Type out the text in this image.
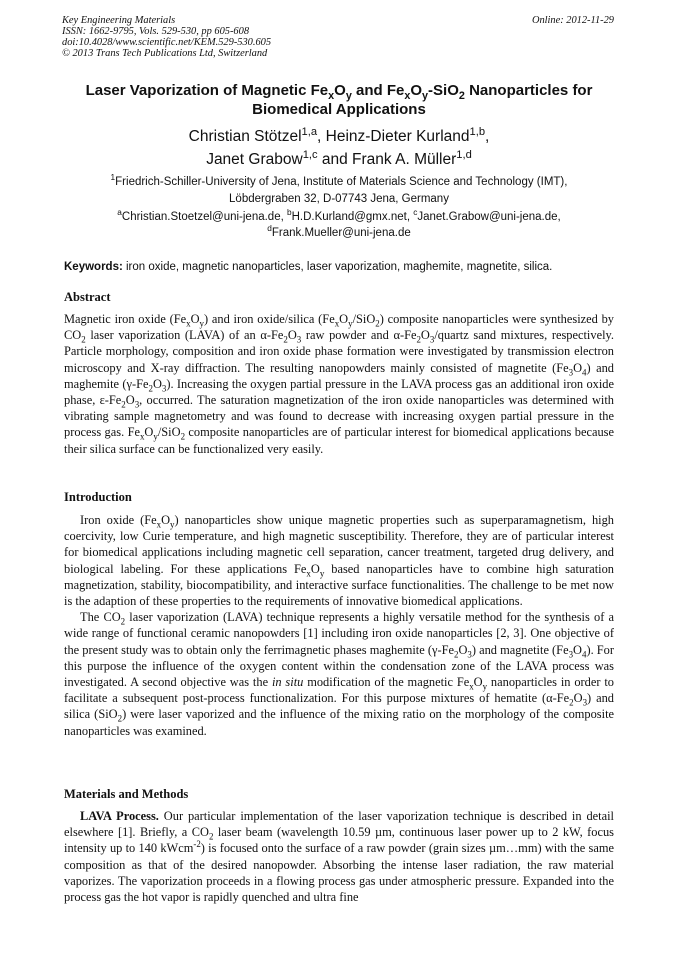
Key Engineering Materials
ISSN: 1662-9795, Vols. 529-530, pp 605-608
doi:10.4028/www.scientific.net/KEM.529-530.605
© 2013 Trans Tech Publications Ltd, Switzerland
Online: 2012-11-29
Laser Vaporization of Magnetic $Fe_xO_y$ and $Fe_xO_y-SiO_2$ Nanoparticles for
Biomedical Applications
Christian Stötzel$^{1,a}$, Heinz-Dieter Kurland$^{1,b}$,
Janet Grabow$^{1,c}$ and Frank A. Müller$^{1,d}$
$^1$Friedrich-Schiller-University of Jena, Institute of Materials Science and Technology (IMT),
Löbdergraben 32, D-07743 Jena, Germany
$^a$Christian.Stoetzel@uni-jena.de, $^b$H.D.Kurland@gmx.net, $^c$Janet.Grabow@uni-jena.de,
$^d$Frank.Mueller@uni-jena.de
Keywords: iron oxide, magnetic nanoparticles, laser vaporization, maghemite, magnetite, silica.
Abstract

Magnetic iron oxide $(Fe_xO_y)$ and iron oxide/silica $(Fe_xO_y/SiO_2)$ composite nanoparticles were synthesized by $CO_2$ laser vaporization (LAVA) of an $\alpha-Fe_2O_3$ raw powder and $\alpha-Fe_2O_3$/quartz sand mixtures, respectively. Particle morphology, composition and iron oxide phase formation were investigated by transmission electron microscopy and X-ray diffraction. The resulting nanopowders mainly consisted of magnetite $(Fe_3O_4)$ and maghemite $(\gamma-Fe_2O_3)$. Increasing the oxygen partial pressure in the LAVA process gas an additional iron oxide phase, $\varepsilon-Fe_2O_3$, occurred. The saturation magnetization of the iron oxide nanoparticles was determined with vibrating sample magnetometry and was found to decrease with increasing oxygen partial pressure in the process gas. $Fe_xO_y/SiO_2$ composite nanoparticles are of particular interest for biomedical applications because their silica surface can be functionalized very easily.

Introduction

Iron oxide $(Fe_xO_y)$ nanoparticles show unique magnetic properties such as superparamagnetism, high coercivity, low Curie temperature, and high magnetic susceptibility. Therefore, they are of particular interest for biomedical applications including magnetic cell separation, cancer treatment, targeted drug delivery, and biological labeling. For these applications $Fe_xO_y$ based nanoparticles have to combine high saturation magnetization, stability, biocompatibility, and interactive surface functionalities. The challenge to be met now is the adaption of these properties to the requirements of innovative biomedical applications.

The $CO_2$ laser vaporization (LAVA) technique represents a highly versatile method for the synthesis of a wide range of functional ceramic nanopowders [1] including iron oxide nanoparticles [2, 3]. One objective of the present study was to obtain only the ferrimagnetic phases maghemite $(\gamma-Fe_2O_3)$ and magnetite $(Fe_3O_4)$. For this purpose the influence of the oxygen content within the condensation zone of the LAVA process was investigated. A second objective was the in situ modification of the magnetic $Fe_xO_y$ nanoparticles in order to facilitate a subsequent post-process functionalization. For this purpose mixtures of hematite $(\alpha-Fe_2O_3)$ and silica (SiO$_2$) were laser vaporized and the influence of the mixing ratio on the morphology of the composite nanoparticles was examined.

Materials and Methods

LAVA Process. Our particular implementation of the laser vaporization technique is described in detail elsewhere [1]. Briefly, a $CO_2$ laser beam (wavelength 10.59 µm, continuous laser power up to 2 kW, focus intensity up to 140 kWcm$^{-2}$) is focused onto the surface of a raw powder (grain sizes µm…mm) with the same composition as that of the desired nanopowder. Absorbing the intense laser radiation, the raw material vaporizes. The vaporization proceeds in a flowing process gas under atmospheric pressure. Expanded into the process gas the hot vapor is rapidly quenched and ultra fine
